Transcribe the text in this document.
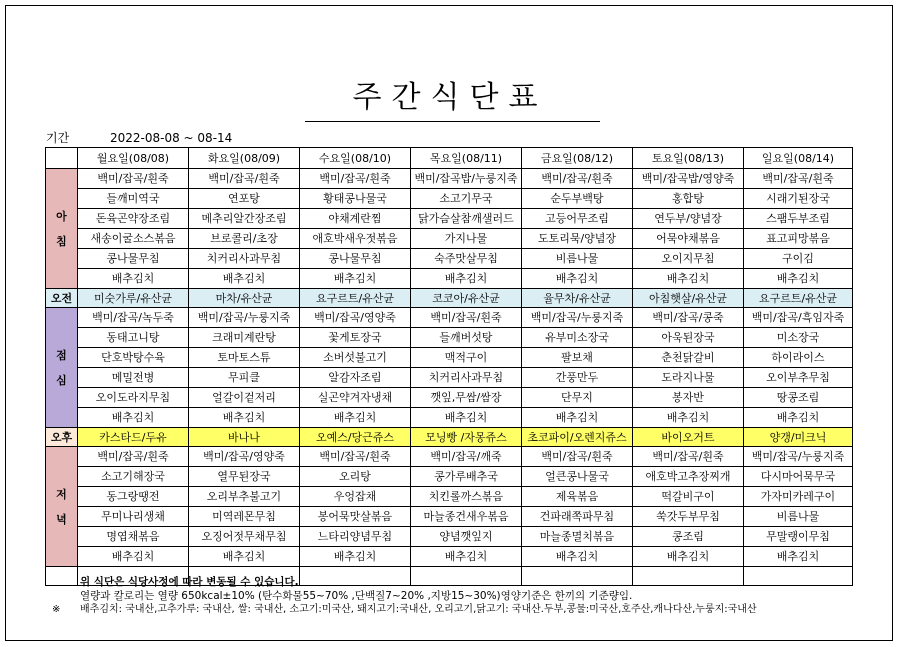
주간식단표
기간	2022-08-08 ~ 08-14
	월요일(08/08)	화요일(08/09)	수요일(08/10)	목요일(08/11)	금요일(08/12)	토요일(08/13)	일요일(08/14)

아
침	백미/잡곡/흰죽	백미/잡곡/흰죽	백미/잡곡/흰죽	백미/잡곡밥/누룽지죽	백미/잡곡/흰죽	백미/잡곡밥/영양죽	백미/잡곡/흰죽
	들깨미역국	연포탕	황태콩나물국	소고기무국	순두부백탕	홍합탕	시래기된장국
	돈육곤약장조림	메추리알간장조림	야채계란찜	닭가슴살참깨샐러드	고등어무조림	연두부/양념장	스팸두부조림
	새송이굴소스볶음	브로콜리/초장	애호박새우젓볶음	가지나물	도토리묵/양념장	어묵야채볶음	표고피망볶음
	콩나물무침	치커리사과무침	콩나물무침	숙주맛살무침	비름나물	오이지무침	구이김
	배추김치	배추김치	배추김치	배추김치	배추김치	배추김치	배추김치
오전	미숫가루/유산균	마차/유산균	요구르트/유산균	코코아/유산균	율무차/유산균	아침햇살/유산균	요구르트/유산균

점
심	백미/잡곡/녹두죽	백미/잡곡/누룽지죽	백미/잡곡/영양죽	백미/잡곡/흰죽	백미/잡곡/누룽지죽	백미/잡곡/콩죽	백미/잡곡/흑임자죽
	동태고니탕	크래미계란탕	꽃게토장국	들깨버섯탕	유부미소장국	아욱된장국	미소장국
	단호박탕수육	토마토스튜	소버섯불고기	맥적구이	팔보채	춘천닭갈비	하이라이스
	메밀전병	무피클	알감자조림	치커리사과무침	간풍만두	도라지나물	오이부추무침
	오이도라지무침	얼갈이겉저리	실곤약겨자냉채	깻잎,무쌈/쌈장	단무지	봉자반	땅콩조림
	배추김치	배추김치	배추김치	배추김치	배추김치	배추김치	배추김치
오후	카스타드/두유	바나나	오예스/당근쥬스	모닝빵 /자몽쥬스	초코파이/오렌지쥬스	바이오거트	양갱/미크닉

저
녁	백미/잡곡/흰죽	백미/잡곡/영양죽	백미/잡곡/흰죽	백미/잡곡/깨죽	백미/잡곡/흰죽	백미/잡곡/흰죽	백미/잡곡/누룽지죽
	소고기해장국	열무된장국	오리탕	콩가루배추국	얼큰콩나물국	애호박고추장찌개	다시마어묵무국
	동그랑땡전	오리부추불고기	우엉잡채	치킨롤까스볶음	제육볶음	떡갈비구이	가자미카레구이
	무미나리생채	미역레몬무침	봉어묵맛살볶음	마늘종건새우볶음	건파래쪽파무침	쑥갓두부무침	비름나물
	명엽채볶음	오징어젓무채무침	느타리양념무침	양념깻잎지	마늘종멸치볶음	콩조림	무말랭이무침
	배추김치	배추김치	배추김치	배추김치	배추김치	배추김치	배추김치

위 식단은 식당사정에 따라 변동될 수 있습니다.
열량과 칼로리는 열량 650kcal±10% (탄수화물55~70% ,단백질7~20% ,지방15~30%)영양기준은 한끼의 기준량임.
※ 배추김치: 국내산,고추가루: 국내산, 쌀: 국내산, 소고기:미국산, 돼지고기:국내산, 오리고기,닭고기: 국내산.두부,콩물:미국산,호주산,캐나다산,누룽지:국내산
